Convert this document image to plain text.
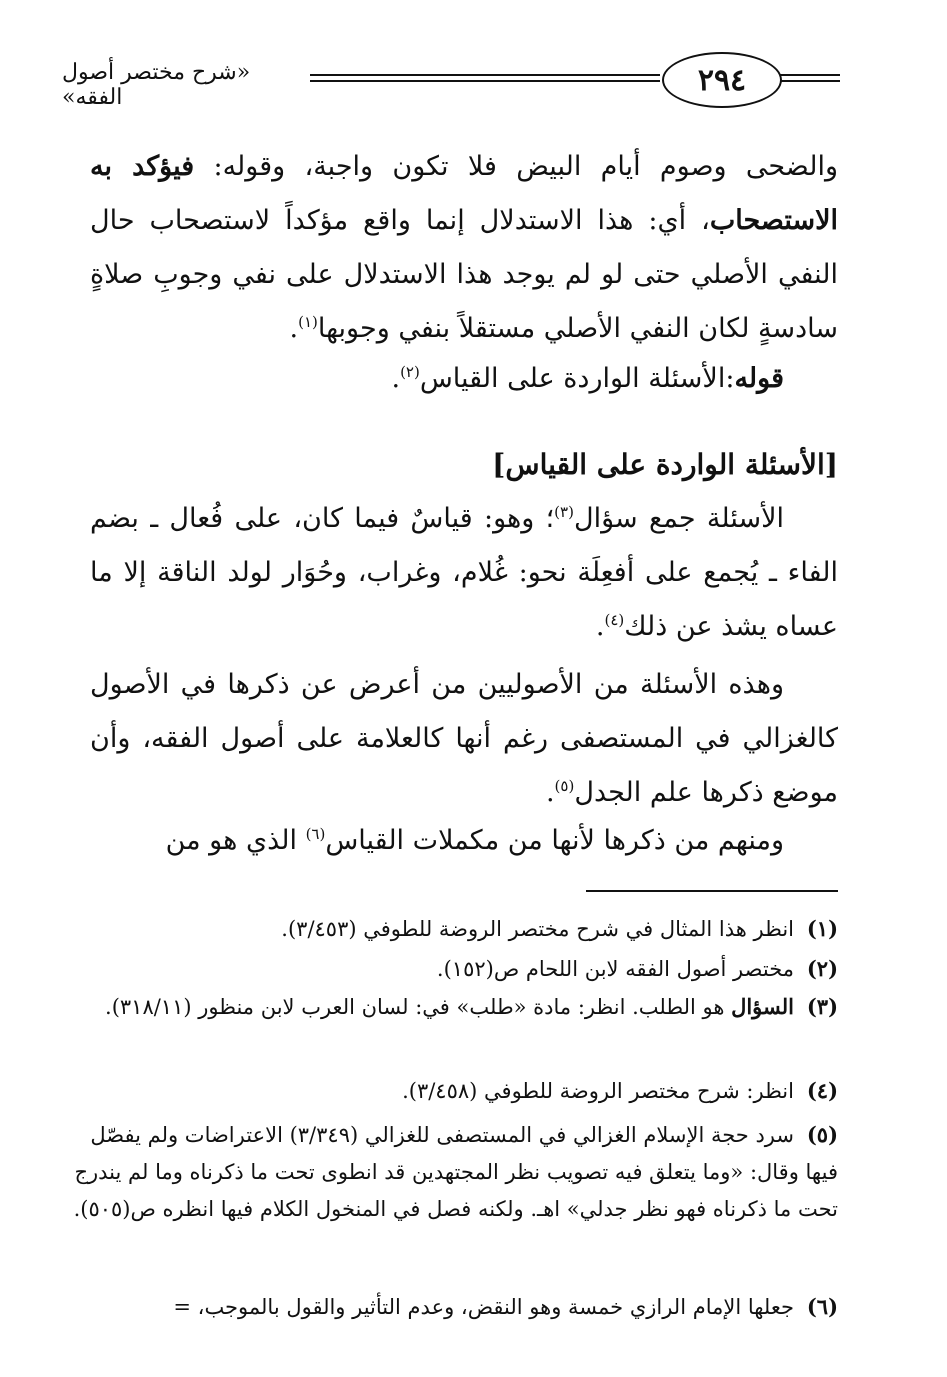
«شرح مختصر أصول الفقه»	٢٩٤
والضحى وصوم أيام البيض فلا تكون واجبة، وقوله: فيؤكد به الاستصحاب، أي: هذا الاستدلال إنما واقع مؤكداً لاستصحاب حال النفي الأصلي حتى لو لم يوجد هذا الاستدلال على نفي وجوبِ صلاةٍ سادسةٍ لكان النفي الأصلي مستقلاً بنفي وجوبها$^{(١)}$.
قوله:الأسئلة الواردة على القياس$^{(٢)}$.
[الأسئلة الواردة على القياس]
الأسئلة جمع سؤال$^{(٣)}$؛ وهو: قياسٌ فيما كان، على فُعال ـ بضم الفاء ـ يُجمع على أفعِلَة نحو: غُلام، وغراب، وحُوَار لولد الناقة إلا ما عساه يشذ عن ذلك$^{(٤)}$.
وهذه الأسئلة من الأصوليين من أعرض عن ذكرها في الأصول كالغزالي في المستصفى رغم أنها كالعلامة على أصول الفقه، وأن موضع ذكرها علم الجدل$^{(٥)}$.
ومنهم من ذكرها لأنها من مكملات القياس$^{(٦)}$ الذي هو من
(١)انظر هذا المثال في شرح مختصر الروضة للطوفي (٣/٤٥٣).
(٢)مختصر أصول الفقه لابن اللحام ص(١٥٢).
(٣)السؤال هو الطلب. انظر: مادة «طلب» في: لسان العرب لابن منظور (٣١٨/١١).
(٤)انظر: شرح مختصر الروضة للطوفي (٣/٤٥٨).
(٥)سرد حجة الإسلام الغزالي في المستصفى للغزالي (٣/٣٤٩) الاعتراضات ولم يفصّل فيها وقال: «وما يتعلق فيه تصويب نظر المجتهدين قد انطوى تحت ما ذكرناه وما لم يندرج تحت ما ذكرناه فهو نظر جدلي» اهـ. ولكنه فصل في المنخول الكلام فيها انظره ص(٥٠٥).
(٦)جعلها الإمام الرازي خمسة وهو النقض، وعدم التأثير والقول بالموجب، =
